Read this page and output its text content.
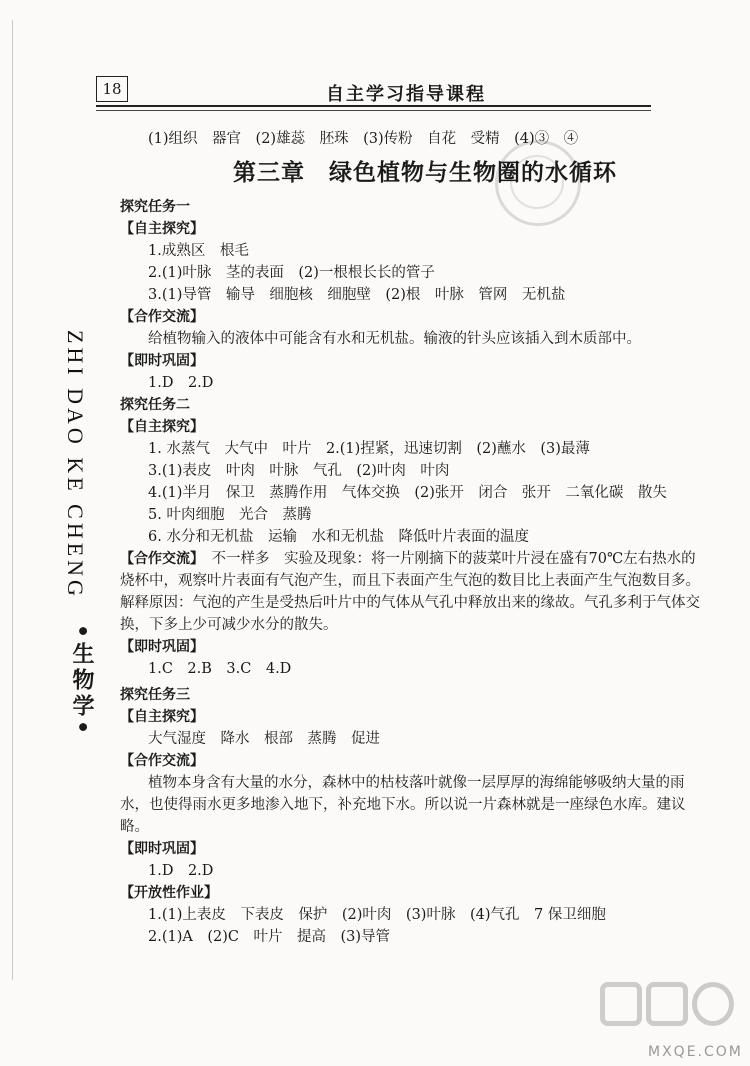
18	自主学习指导课程
ZHI DAO KE CHENG
•生物学•
(1)组织　器官　(2)雄蕊　胚珠　(3)传粉　自花　受精　(4)③　④
第三章　绿色植物与生物圈的水循环
探究任务一
【自主探究】
1.成熟区　根毛
2.(1)叶脉　茎的表面　(2)一根根长长的管子
3.(1)导管　输导　细胞核　细胞壁　(2)根　叶脉　管网　无机盐
【合作交流】
给植物输入的液体中可能含有水和无机盐。输液的针头应该插入到木质部中。
【即时巩固】
1.D　2.D
探究任务二
【自主探究】
1. 水蒸气　大气中　叶片　2.(1)捏紧，迅速切割　(2)蘸水　(3)最薄
3.(1)表皮　叶肉　叶脉　气孔　(2)叶肉　叶肉
4.(1)半月　保卫　蒸腾作用　气体交换　(2)张开　闭合　张开　二氧化碳　散失
5. 叶肉细胞　光合　蒸腾
6. 水分和无机盐　运输　水和无机盐　降低叶片表面的温度
【合作交流】　不一样多　实验及现象：将一片刚摘下的菠菜叶片浸在盛有70℃左右热水的烧杯中，观察叶片表面有气泡产生，而且下表面产生气泡的数目比上表面产生气泡数目多。　解释原因：气泡的产生是受热后叶片中的气体从气孔中释放出来的缘故。气孔多利于气体交换，下多上少可减少水分的散失。
【即时巩固】
1.C　2.B　3.C　4.D
探究任务三
【自主探究】
大气湿度　降水　根部　蒸腾　促进
【合作交流】
植物本身含有大量的水分，森林中的枯枝落叶就像一层厚厚的海绵能够吸纳大量的雨水，也使得雨水更多地渗入地下，补充地下水。所以说一片森林就是一座绿色水库。建议略。
【即时巩固】
1.D　2.D
【开放性作业】
1.(1)上表皮　下表皮　保护　(2)叶肉　(3)叶脉　(4)气孔　7 保卫细胞
2.(1)A　(2)C　叶片　提高　(3)导管
MXQE.COM
